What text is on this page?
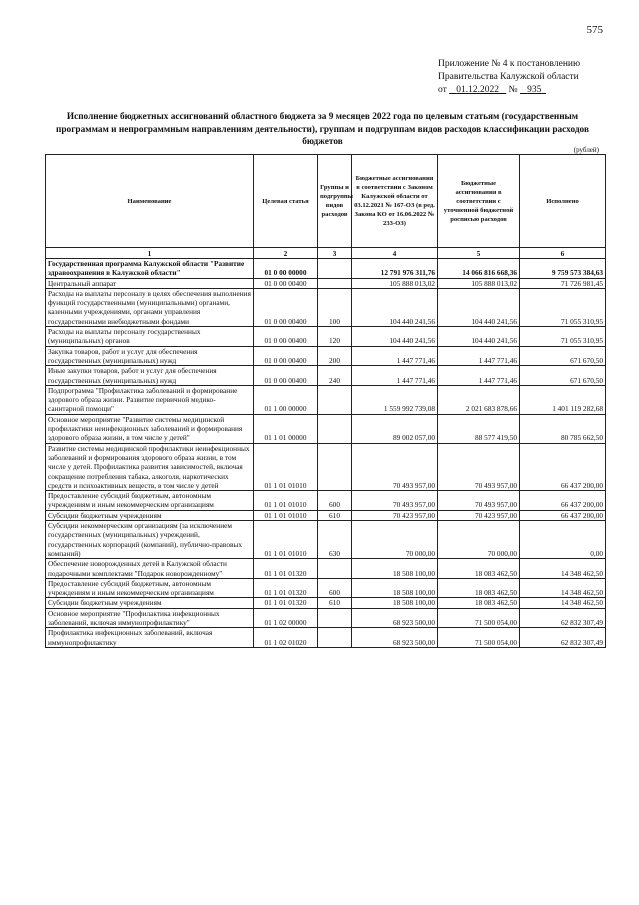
575
Приложение № 4 к постановлению
Правительства Калужской области
от 01.12.2022 № 935
Исполнение бюджетных ассигнований областного бюджета за 9 месяцев 2022 года по целевым статьям (государственным программам и непрограммным направлениям деятельности), группам и подгруппам видов расходов классификации расходов бюджетов
(рублей)
Наименование	Целевая статья	Группы и подгруппы видов расходов	Бюджетные ассигнования в соответствии с Законом Калужской области от 03.12.2021 № 167-ОЗ (в ред. Закона КО от 16.06.2022 № 233-ОЗ)	Бюджетные ассигнования в соответствии с уточненной бюджетной росписью расходов	Исполнено
1	2	3	4	5	6
Государственная программа Калужской области "Развитие здравоохранения в Калужской области"	01 0 00 00000		12 791 976 311,76	14 066 816 668,36	9 759 573 384,63
Центральный аппарат	01 0 00 00400		105 888 013,02	105 888 013,02	71 726 981,45
Расходы на выплаты персоналу в целях обеспечения выполнения функций государственными (муниципальными) органами, казенными учреждениями, органами управления государственными внебюджетными фондами	01 0 00 00400	100	104 440 241,56	104 440 241,56	71 055 310,95
Расходы на выплаты персоналу государственных (муниципальных) органов	01 0 00 00400	120	104 440 241,56	104 440 241,56	71 055 310,95
Закупка товаров, работ и услуг для обеспечения государственных (муниципальных) нужд	01 0 00 00400	200	1 447 771,46	1 447 771,46	671 670,50
Иные закупки товаров, работ и услуг для обеспечения государственных (муниципальных) нужд	01 0 00 00400	240	1 447 771,46	1 447 771,46	671 670,50
Подпрограмма "Профилактика заболеваний и формирование здорового образа жизни. Развитие первичной медико-санитарной помощи"	01 1 00 00000		1 559 992 739,08	2 021 683 878,66	1 401 119 282,68
Основное мероприятие "Развитие системы медицинской профилактики неинфекционных заболеваний и формирования здорового образа жизни, в том числе у детей"	01 1 01 00000		89 002 057,00	88 577 419,50	80 785 662,50
Развитие системы медицинской профилактики неинфекционных заболеваний и формирования здорового образа жизни, в том числе у детей. Профилактика развития зависимостей, включая сокращение потребления табака, алкоголя, наркотических средств и психоактивных веществ, в том числе у детей	01 1 01 01010		70 493 957,00	70 493 957,00	66 437 200,00
Предоставление субсидий бюджетным, автономным учреждениям и иным некоммерческим организациям	01 1 01 01010	600	70 493 957,00	70 493 957,00	66 437 200,00
Субсидии бюджетным учреждениям	01 1 01 01010	610	70 423 957,00	70 423 957,00	66 437 200,00
Субсидии некоммерческим организациям (за исключением государственных (муниципальных) учреждений, государственных корпораций (компаний), публично-правовых компаний)	01 1 01 01010	630	70 000,00	70 000,00	0,00
Обеспечение новорожденных детей в Калужской области подарочными комплектами "Подарок новорожденному"	01 1 01 01320		18 508 100,00	18 083 462,50	14 348 462,50
Предоставление субсидий бюджетным, автономным учреждениям и иным некоммерческим организациям	01 1 01 01320	600	18 508 100,00	18 083 462,50	14 348 462,50
Субсидии бюджетным учреждениям	01 1 01 01320	610	18 508 100,00	18 083 462,50	14 348 462,50
Основное мероприятие "Профилактика инфекционных заболеваний, включая иммунопрофилактику"	01 1 02 00000		68 923 500,00	71 500 054,00	62 832 307,49
Профилактика инфекционных заболеваний, включая иммунопрофилактику	01 1 02 01020		68 923 500,00	71 500 054,00	62 832 307,49
